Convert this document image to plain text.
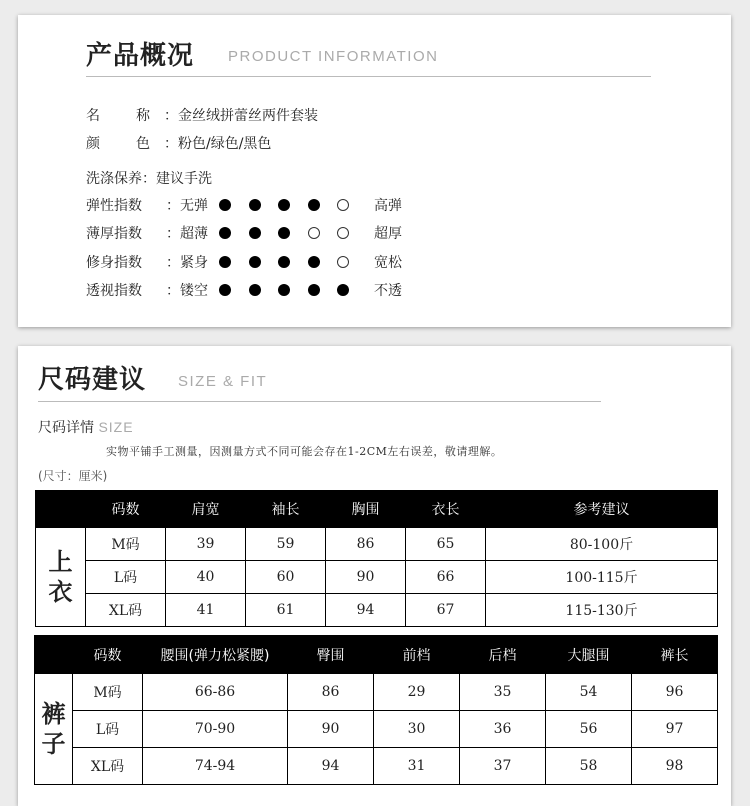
产品概况 PRODUCT INFORMATION
名	称 ：金丝绒拼蕾丝两件套装
颜	色 ：粉色/绿色/黑色
洗涤保养：建议手洗
弹性指数	：无弹	高弹
薄厚指数	：超薄	超厚
修身指数	：紧身	宽松
透视指数	：镂空	不透
尺码建议 SIZE & FIT
尺码详情 SIZE
实物平铺手工测量，因测量方式不同可能会存在1-2CM左右误差，敬请理解。
(尺寸：厘米)
	码数	肩宽	袖长	胸围	衣长	参考建议
上
衣	M码	39	59	86	65	80-100斤
	L码	40	60	90	66	100-115斤
	XL码	41	61	94	67	115-130斤
	码数	腰围(弹力松紧腰)	臀围	前档	后档	大腿围	裤长
裤
子	M码	66-86	86	29	35	54	96
	L码	70-90	90	30	36	56	97
	XL码	74-94	94	31	37	58	98
